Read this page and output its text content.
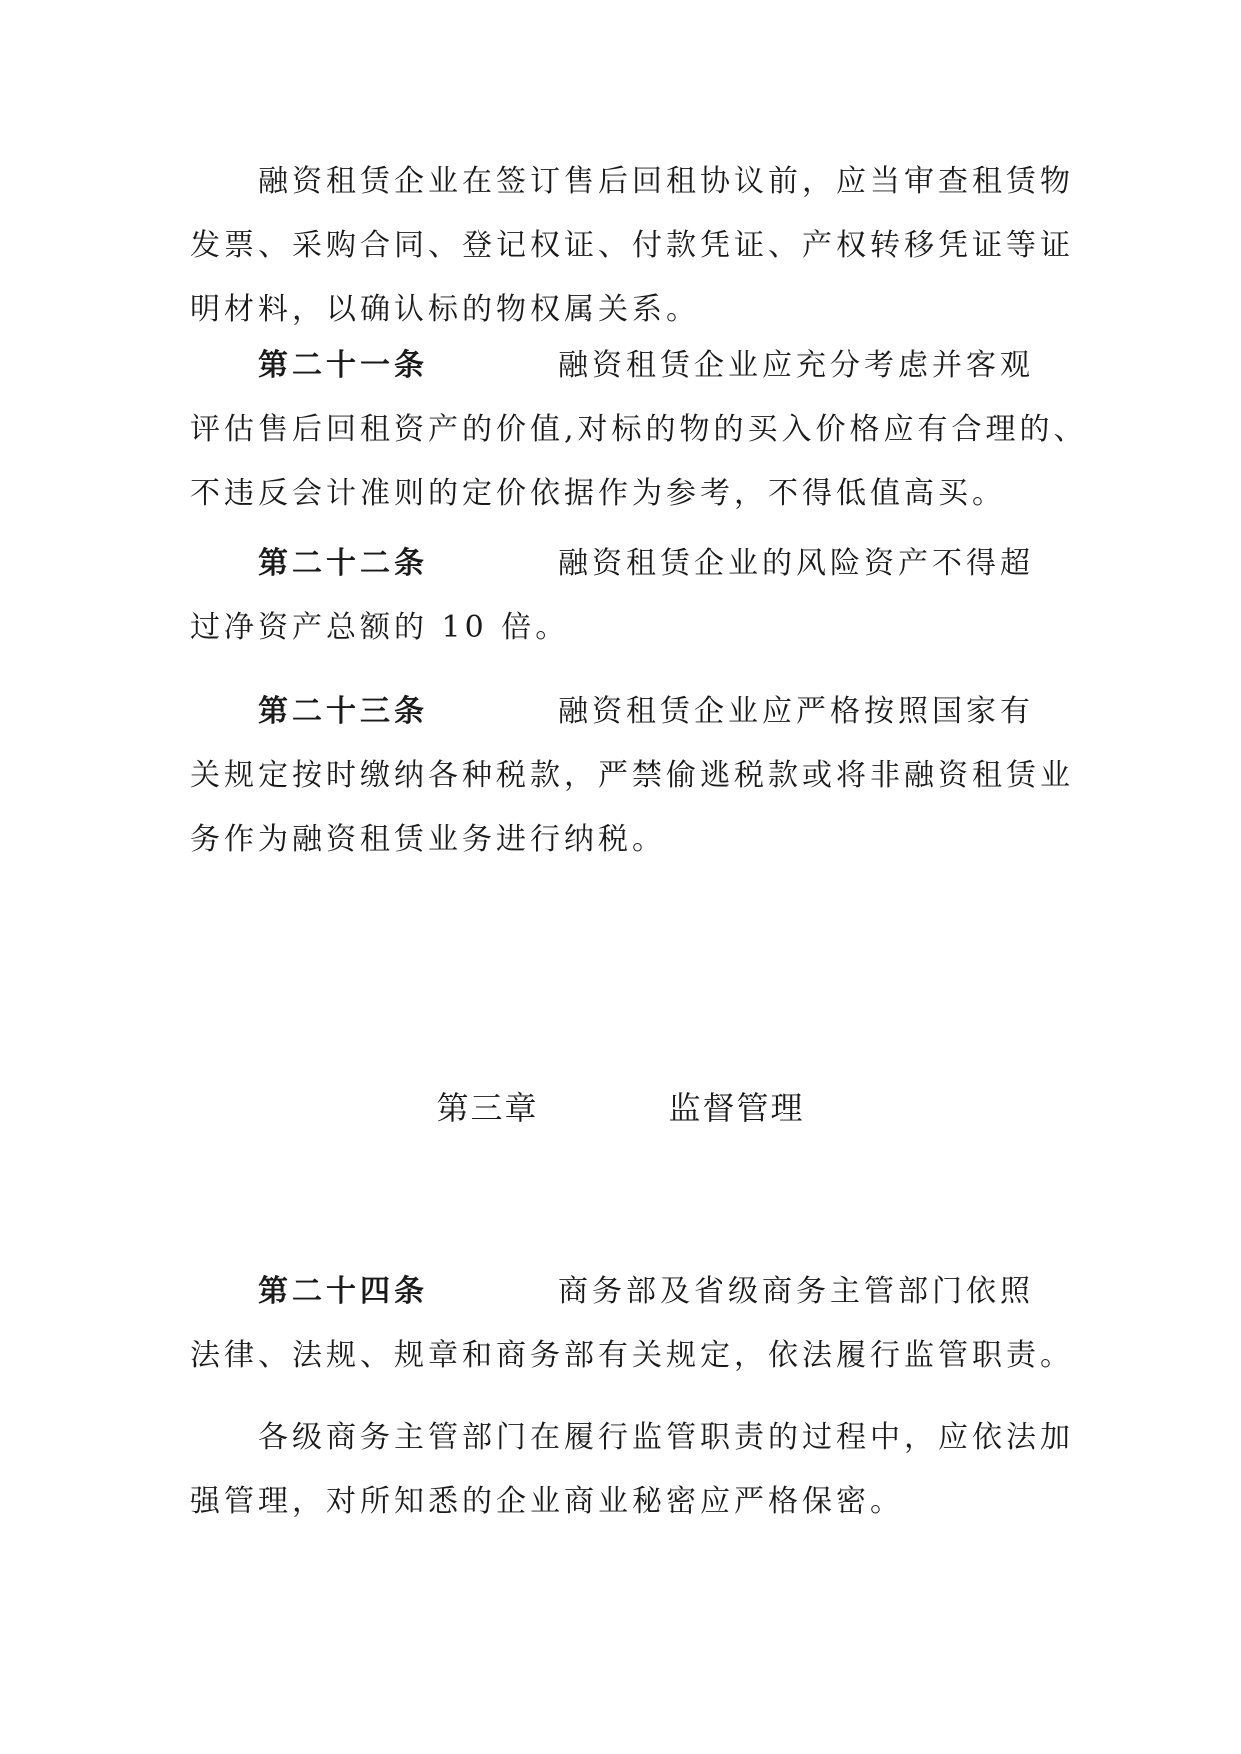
融资租赁企业在签订售后回租协议前，应当审查租赁物
发票、采购合同、登记权证、付款凭证、产权转移凭证等证
明材料，以确认标的物权属关系。

第二十一条	融资租赁企业应充分考虑并客观
评估售后回租资产的价值,对标的物的买入价格应有合理的、
不违反会计准则的定价依据作为参考，不得低值高买。

第二十二条	融资租赁企业的风险资产不得超
过净资产总额的 10 倍。

第二十三条	融资租赁企业应严格按照国家有
关规定按时缴纳各种税款，严禁偷逃税款或将非融资租赁业
务作为融资租赁业务进行纳税。

第三章	监督管理

第二十四条	商务部及省级商务主管部门依照
法律、法规、规章和商务部有关规定，依法履行监管职责。

各级商务主管部门在履行监管职责的过程中，应依法加
强管理，对所知悉的企业商业秘密应严格保密。
